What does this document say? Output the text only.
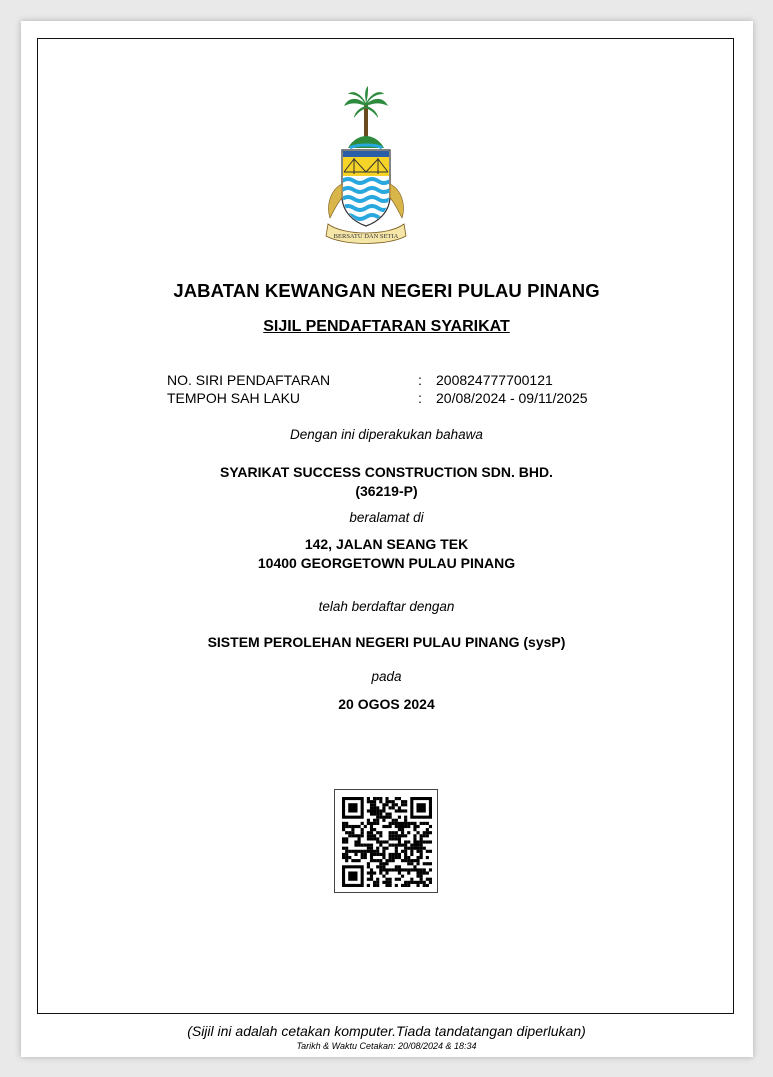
BERSATU DAN SETIA
JABATAN KEWANGAN NEGERI PULAU PINANG
SIJIL PENDAFTARAN SYARIKAT
NO. SIRI PENDAFTARAN	: 200824777700121
TEMPOH SAH LAKU	: 20/08/2024 - 09/11/2025
Dengan ini diperakukan bahawa
SYARIKAT SUCCESS CONSTRUCTION SDN. BHD.
(36219-P)
beralamat di
142, JALAN SEANG TEK
10400 GEORGETOWN PULAU PINANG
telah berdaftar dengan
SISTEM PEROLEHAN NEGERI PULAU PINANG (sysP)
pada
20 OGOS 2024
(Sijil ini adalah cetakan komputer.Tiada tandatangan diperlukan)
Tarikh & Waktu Cetakan: 20/08/2024 & 18:34
